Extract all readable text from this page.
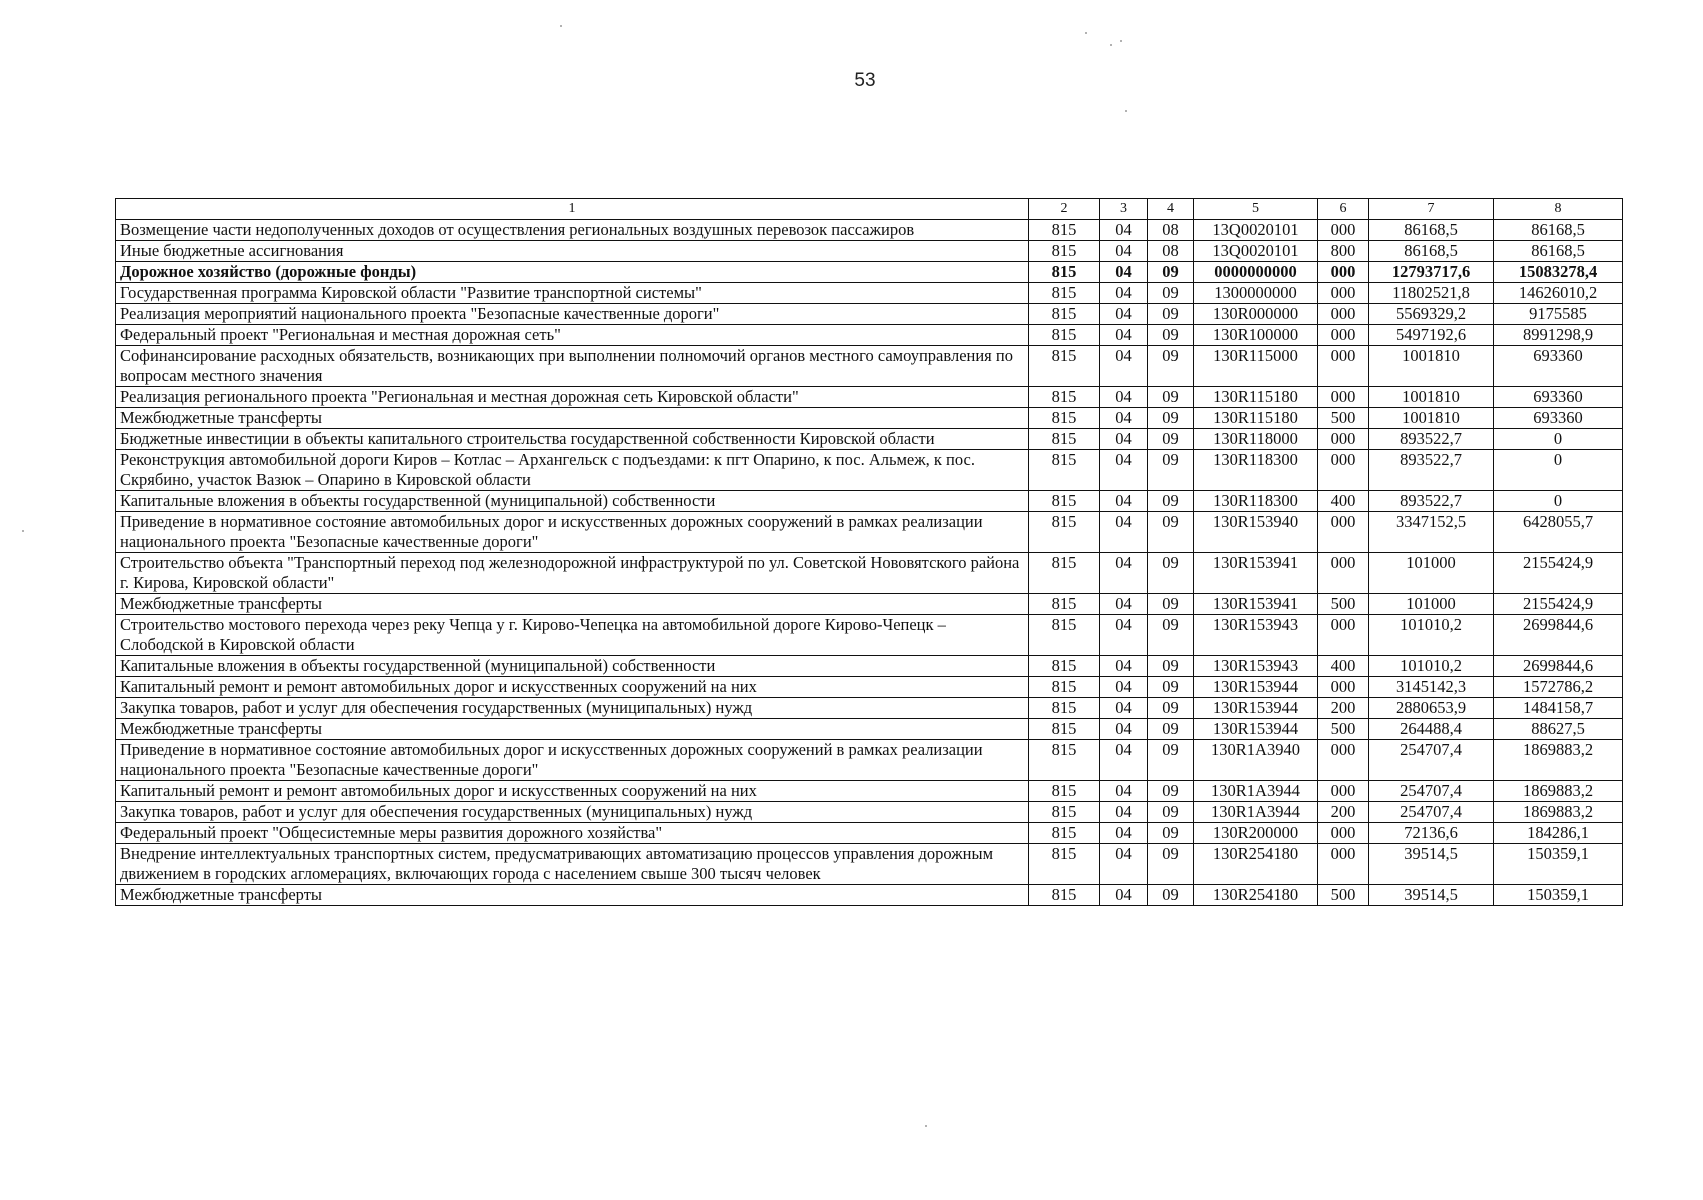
53
1	2	3	4	5	6	7	8
Возмещение части недополученных доходов от осуществления региональных воздушных перевозок пассажиров	815	04	08	13Q0020101	000	86168,5	86168,5
Иные бюджетные ассигнования	815	04	08	13Q0020101	800	86168,5	86168,5
Дорожное хозяйство (дорожные фонды)	815	04	09	0000000000	000	12793717,6	15083278,4
Государственная программа Кировской области "Развитие транспортной системы"	815	04	09	1300000000	000	11802521,8	14626010,2
Реализация мероприятий национального проекта "Безопасные качественные дороги"	815	04	09	130R000000	000	5569329,2	9175585
Федеральный проект "Региональная и местная дорожная сеть"	815	04	09	130R100000	000	5497192,6	8991298,9
Софинансирование расходных обязательств, возникающих при выполнении полномочий органов местного самоуправления по вопросам местного значения	815	04	09	130R115000	000	1001810	693360
Реализация регионального проекта "Региональная и местная дорожная сеть Кировской области"	815	04	09	130R115180	000	1001810	693360
Межбюджетные трансферты	815	04	09	130R115180	500	1001810	693360
Бюджетные инвестиции в объекты капитального строительства государственной собственности Кировской области	815	04	09	130R118000	000	893522,7	0
Реконструкция автомобильной дороги Киров – Котлас – Архангельск с подъездами: к пгт Опарино, к пос. Альмеж, к пос. Скрябино, участок Вазюк – Опарино в Кировской области	815	04	09	130R118300	000	893522,7	0
Капитальные вложения в объекты государственной (муниципальной) собственности	815	04	09	130R118300	400	893522,7	0
Приведение в нормативное состояние автомобильных дорог и искусственных дорожных сооружений в рамках реализации национального проекта "Безопасные качественные дороги"	815	04	09	130R153940	000	3347152,5	6428055,7
Строительство объекта "Транспортный переход под железнодорожной инфраструктурой по ул. Советской Нововятского района г. Кирова, Кировской области"	815	04	09	130R153941	000	101000	2155424,9
Межбюджетные трансферты	815	04	09	130R153941	500	101000	2155424,9
Строительство мостового перехода через реку Чепца у г. Кирово-Чепецка на автомобильной дороге Кирово-Чепецк – Слободской в Кировской области	815	04	09	130R153943	000	101010,2	2699844,6
Капитальные вложения в объекты государственной (муниципальной) собственности	815	04	09	130R153943	400	101010,2	2699844,6
Капитальный ремонт и ремонт автомобильных дорог и искусственных сооружений на них	815	04	09	130R153944	000	3145142,3	1572786,2
Закупка товаров, работ и услуг для обеспечения государственных (муниципальных) нужд	815	04	09	130R153944	200	2880653,9	1484158,7
Межбюджетные трансферты	815	04	09	130R153944	500	264488,4	88627,5
Приведение в нормативное состояние автомобильных дорог и искусственных дорожных сооружений в рамках реализации национального проекта "Безопасные качественные дороги"	815	04	09	130R1A3940	000	254707,4	1869883,2
Капитальный ремонт и ремонт автомобильных дорог и искусственных сооружений на них	815	04	09	130R1A3944	000	254707,4	1869883,2
Закупка товаров, работ и услуг для обеспечения государственных (муниципальных) нужд	815	04	09	130R1A3944	200	254707,4	1869883,2
Федеральный проект "Общесистемные меры развития дорожного хозяйства"	815	04	09	130R200000	000	72136,6	184286,1
Внедрение интеллектуальных транспортных систем, предусматривающих автоматизацию процессов управления дорожным движением в городских агломерациях, включающих города с населением свыше 300 тысяч человек	815	04	09	130R254180	000	39514,5	150359,1
Межбюджетные трансферты	815	04	09	130R254180	500	39514,5	150359,1
